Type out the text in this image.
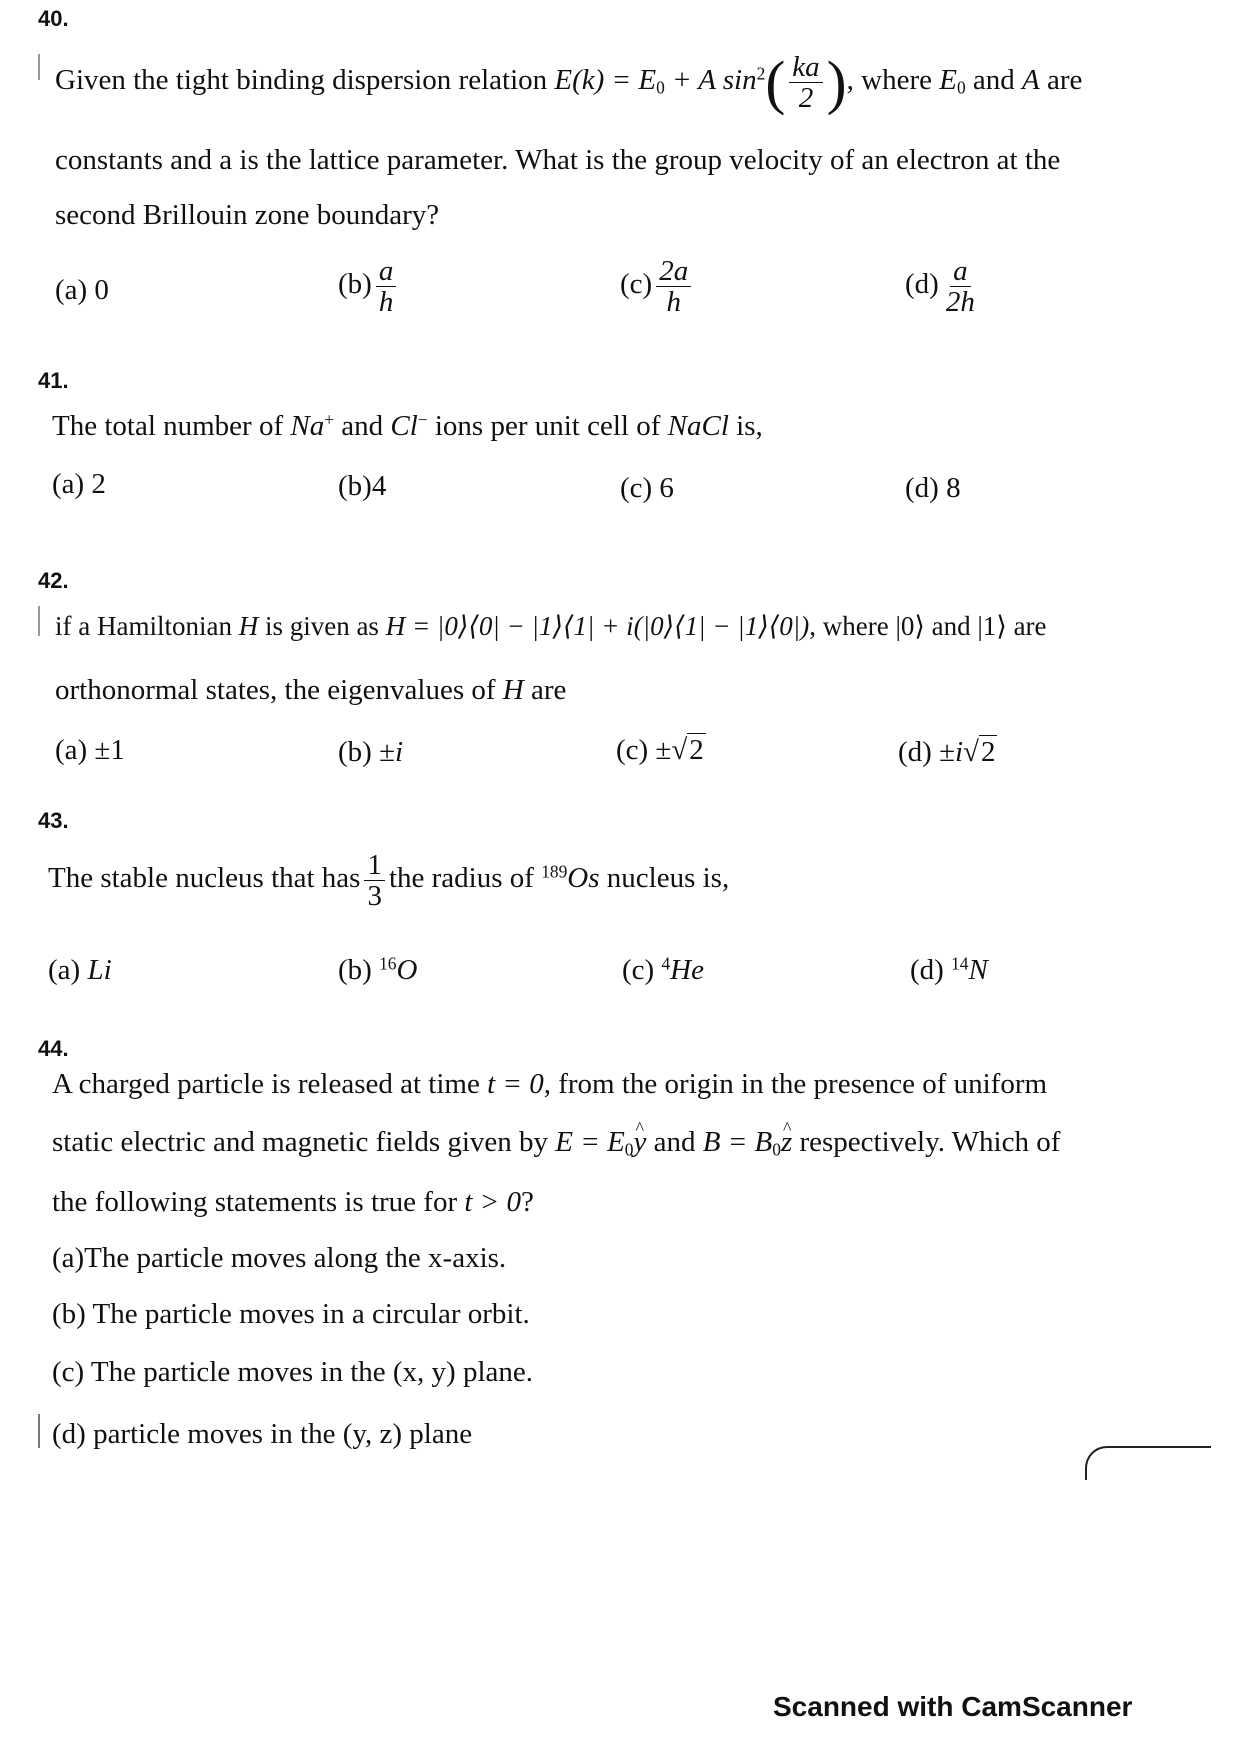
40.
Given the tight binding dispersion relation $E(k) = E_0 + A$ $\sin^2( \frac{ka}{2}$ ), where $E_0$ and A are
constants and a is the lattice parameter. What is the group velocity of an electron at the
second Brillouin zone boundary?
(a) 0	$(b) \frac{a}{h}$	$(c) \frac{2a}{h}$	$(d) \frac{a}{2h}$
41.
The total number of Na+ and Cl− ions per unit cell of NaCl is,
(a) 2	(b)4	(c) 6	(d) 8
42.
if a Hamiltonian H is given as H = |0⟩⟨0| − |1⟩⟨1| + i(|0⟩⟨1| − |1⟩⟨0|), where |0⟩ and |1⟩ are
orthonormal states, the eigenvalues of H are
(a) ±1	(b) ±i	(c) ±√2	(d) ±i√2
43.
The stable nucleus that has $\frac{1}{3}$ the radius of $^{189}$Os nucleus is,
(a) Li	(b) $^{16}$O	(c) $^4$He	(d) $^{14}$N
44.
A charged particle is released at time t = 0, from the origin in the presence of uniform
static electric and magnetic fields given by $E = E_0\^{}$ y and $B = B_0\^{}$ z respectively. Which of
the following statements is true for t > 0?
(a)The particle moves along the x-axis.
(b) The particle moves in a circular orbit.
(c) The particle moves in the (x, y) plane.
(d) particle moves in the (y, z) plane
Scanned with CamScanner
